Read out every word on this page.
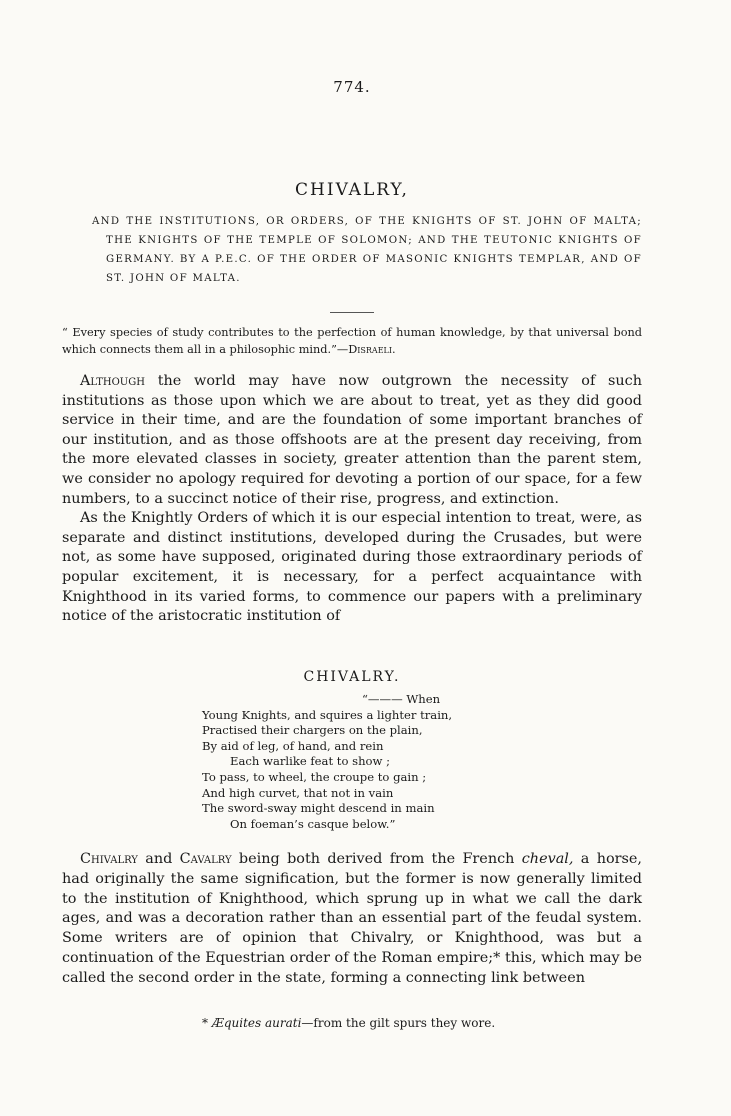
774.
CHIVALRY,
AND THE INSTITUTIONS, OR ORDERS, OF THE KNIGHTS OF ST. JOHN OF MALTA; THE KNIGHTS OF THE TEMPLE OF SOLOMON; AND THE TEUTONIC KNIGHTS OF GERMANY. BY A P.E.C. OF THE ORDER OF MASONIC KNIGHTS TEMPLAR, AND OF ST. JOHN OF MALTA.
“ Every species of study contributes to the perfection of human knowledge, by that universal bond which connects them all in a philosophic mind.”—Disraeli.

Although the world may have now outgrown the necessity of such institutions as those upon which we are about to treat, yet as they did good service in their time, and are the foundation of some important branches of our institution, and as those offshoots are at the present day receiving, from the more elevated classes in society, greater attention than the parent stem, we consider no apology required for devoting a portion of our space, for a few numbers, to a succinct notice of their rise, progress, and extinction.

As the Knightly Orders of which it is our especial intention to treat, were, as separate and distinct institutions, developed during the Crusades, but were not, as some have supposed, originated during those extraordinary periods of popular excitement, it is necessary, for a perfect acquaintance with Knighthood in its varied forms, to commence our papers with a preliminary notice of the aristocratic institution of

CHIVALRY.
“——— When
Young Knights, and squires a lighter train,
Practised their chargers on the plain,
By aid of leg, of hand, and rein
Each warlike feat to show ;
To pass, to wheel, the croupe to gain ;
And high curvet, that not in vain
The sword-sway might descend in main
On foeman’s casque below.”

Chivalry and Cavalry being both derived from the French cheval, a horse, had originally the same signification, but the former is now generally limited to the institution of Knighthood, which sprung up in what we call the dark ages, and was a decoration rather than an essential part of the feudal system. Some writers are of opinion that Chivalry, or Knighthood, was but a continuation of the Equestrian order of the Roman empire;* this, which may be called the second order in the state, forming a connecting link between

* Æquites aurati—from the gilt spurs they wore.
